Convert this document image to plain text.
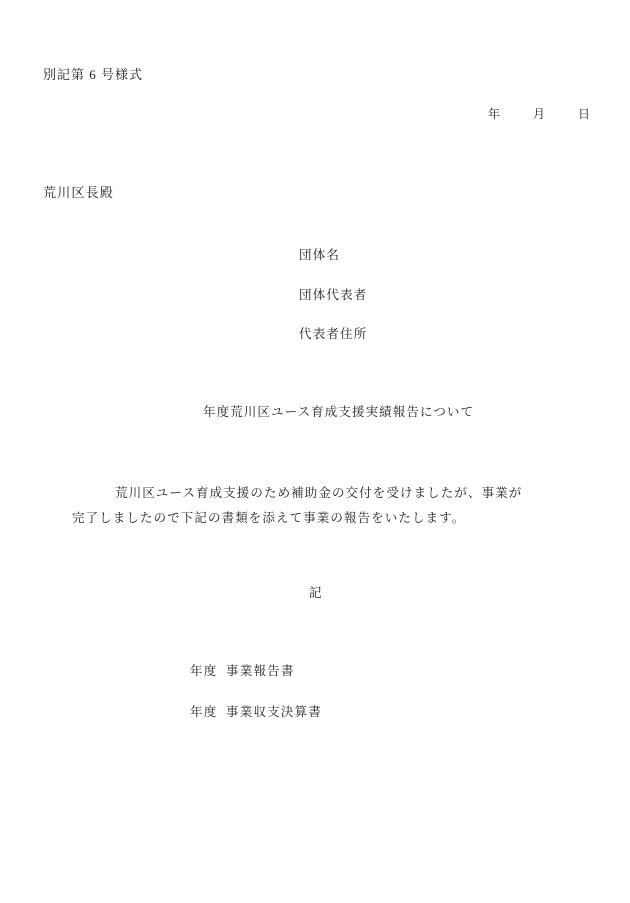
別記第 6 号様式
年        月        日
荒川区長殿
団体名
団体代表者
代表者住所
年度荒川区ユース育成支援実績報告について
荒川区ユース育成支援のため補助金の交付を受けましたが、事業が
完了しましたので下記の書類を添えて事業の報告をいたします。
記
年度  事業報告書
年度  事業収支決算書
